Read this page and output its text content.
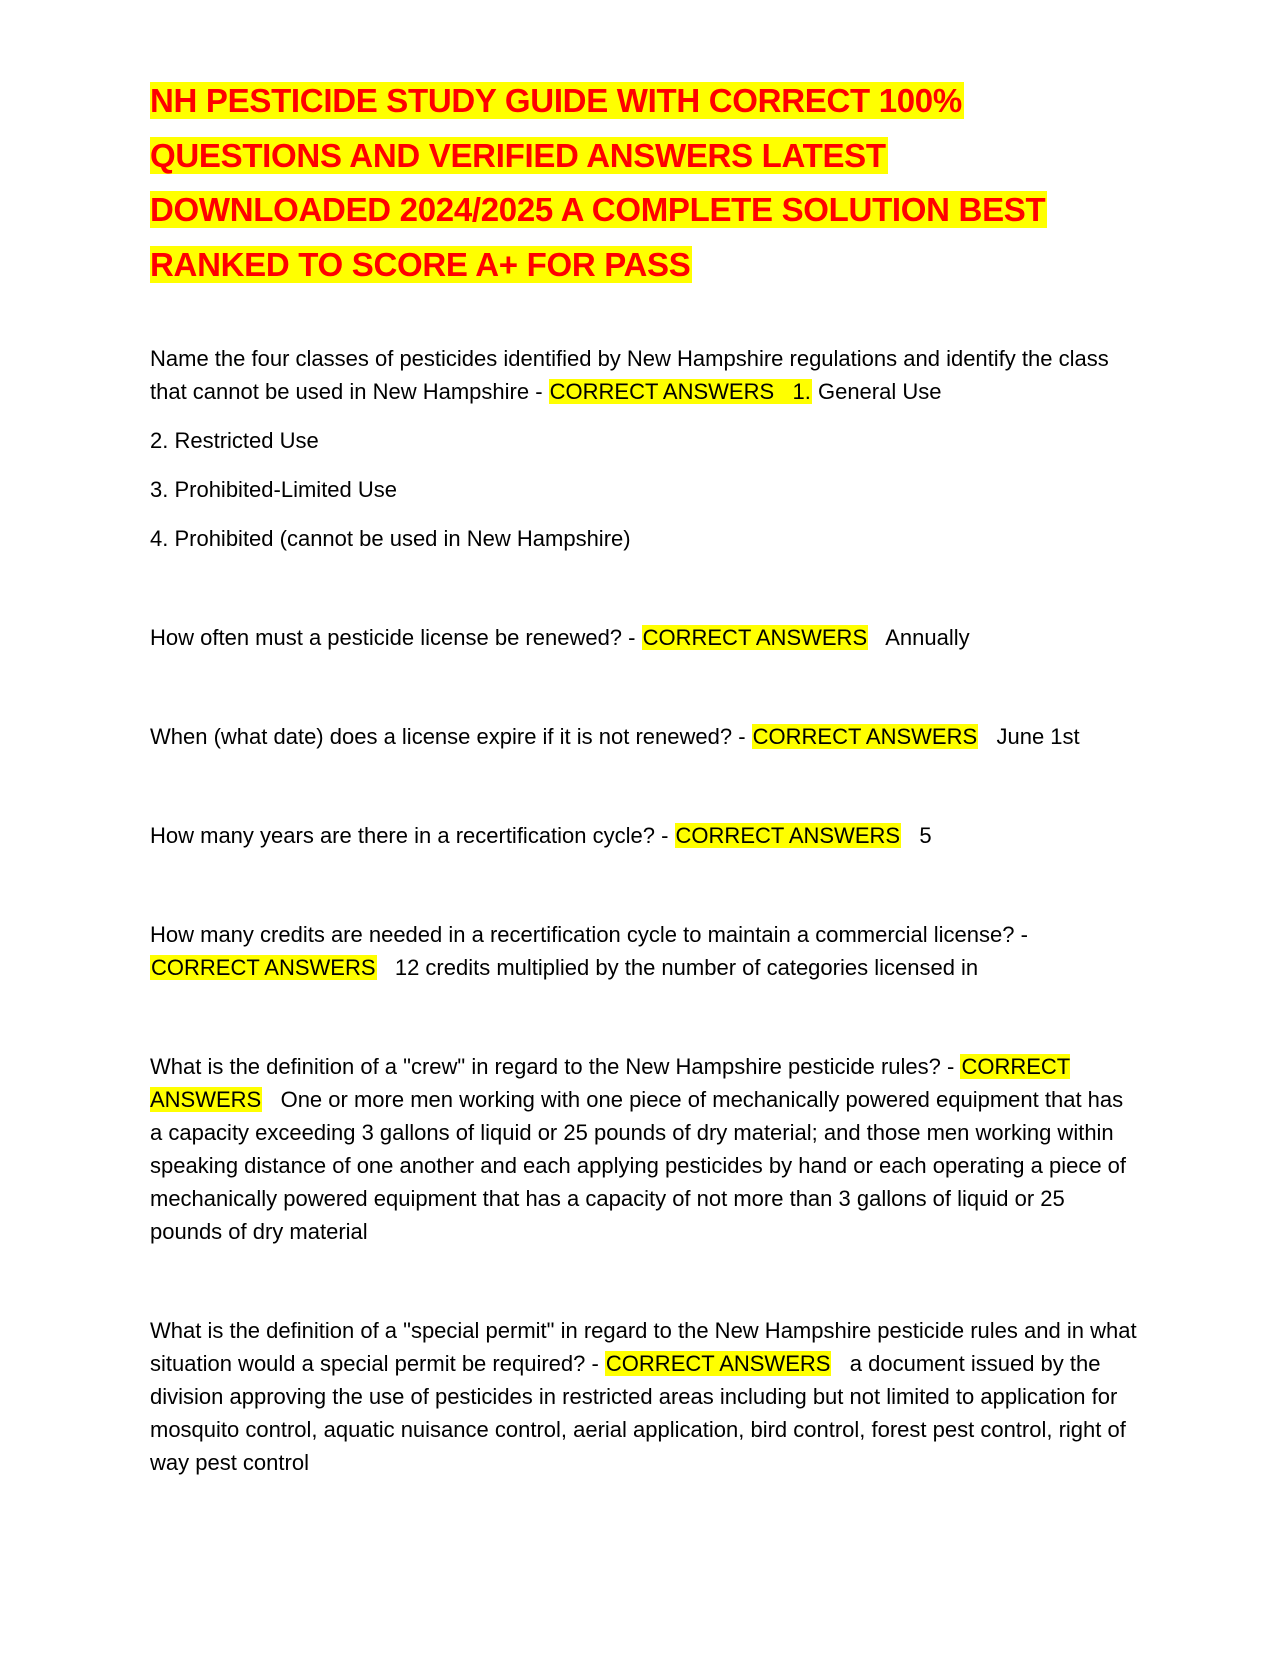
NH PESTICIDE STUDY GUIDE WITH CORRECT 100%
QUESTIONS AND VERIFIED ANSWERS LATEST
DOWNLOADED 2024/2025 A COMPLETE SOLUTION BEST
RANKED TO SCORE A+ FOR PASS

Name the four classes of pesticides identified by New Hampshire regulations and identify the class that cannot be used in New Hampshire - CORRECT ANSWERS   1. General Use

2. Restricted Use

3. Prohibited-Limited Use

4. Prohibited (cannot be used in New Hampshire)

How often must a pesticide license be renewed? - CORRECT ANSWERS   Annually

When (what date) does a license expire if it is not renewed? - CORRECT ANSWERS   June 1st

How many years are there in a recertification cycle? - CORRECT ANSWERS   5

How many credits are needed in a recertification cycle to maintain a commercial license? - CORRECT ANSWERS   12 credits multiplied by the number of categories licensed in

What is the definition of a "crew" in regard to the New Hampshire pesticide rules? - CORRECT ANSWERS   One or more men working with one piece of mechanically powered equipment that has a capacity exceeding 3 gallons of liquid or 25 pounds of dry material; and those men working within speaking distance of one another and each applying pesticides by hand or each operating a piece of mechanically powered equipment that has a capacity of not more than 3 gallons of liquid or 25 pounds of dry material

What is the definition of a "special permit" in regard to the New Hampshire pesticide rules and in what situation would a special permit be required? - CORRECT ANSWERS   a document issued by the division approving the use of pesticides in restricted areas including but not limited to application for mosquito control, aquatic nuisance control, aerial application, bird control, forest pest control, right of way pest control
